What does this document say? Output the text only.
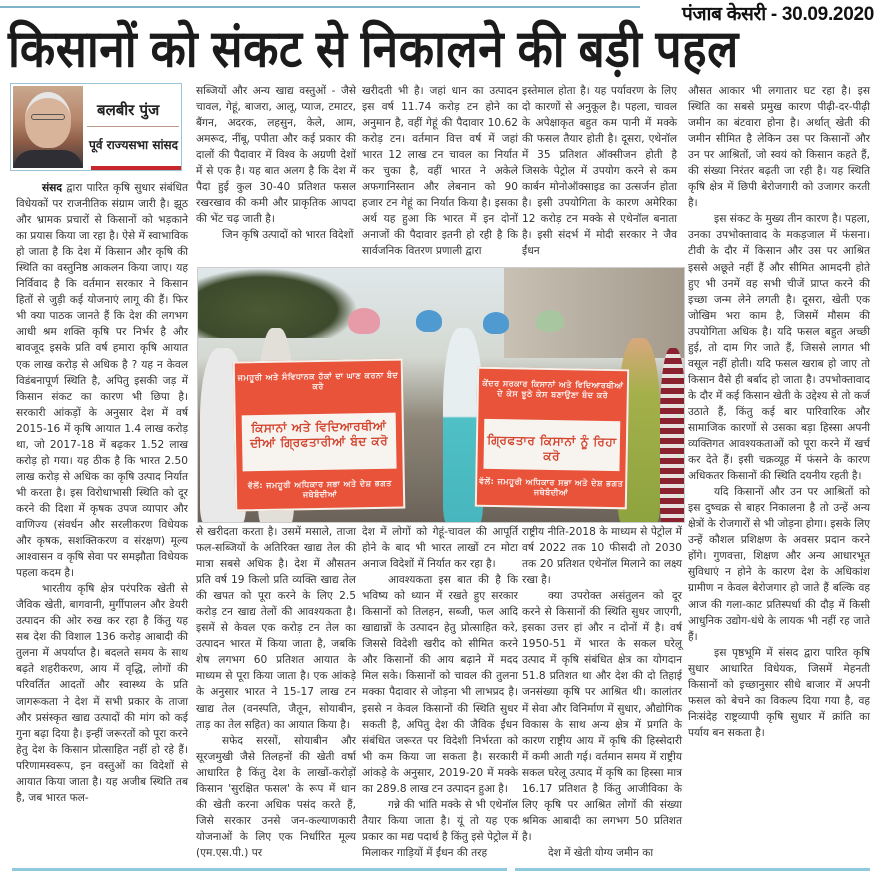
पंजाब केसरी - 30.09.2020
किसानों को संकट से निकालने की बड़ी पहल
बलबीर पुंज
पूर्व राज्यसभा सांसद

संसद द्वारा पारित कृषि सुधार संबंधित विधेयकों पर राजनीतिक संग्राम जारी है। झूठ और भ्रामक प्रचारों से किसानों को भड़काने का प्रयास किया जा रहा है। ऐसे में स्वाभाविक हो जाता है कि देश में किसान और कृषि की स्थिति का वस्तुनिष्ठ आकलन किया जाए। यह निर्विवाद है कि वर्तमान सरकार ने किसान हितों से जुड़ी कई योजनाएं लागू की हैं। फिर भी क्या पाठक जानते हैं कि देश की लगभग आधी श्रम शक्ति कृषि पर निर्भर है और बावजूद इसके प्रति वर्ष हमारा कृषि आयात एक लाख करोड़ से अधिक है ? यह न केवल विडंबनापूर्ण स्थिति है, अपितु इसकी जड़ में किसान संकट का कारण भी छिपा है। सरकारी आंकड़ों के अनुसार देश में वर्ष 2015-16 में कृषि आयात 1.4 लाख करोड़ था, जो 2017-18 में बढ़कर 1.52 लाख करोड़ हो गया। यह ठीक है कि भारत 2.50 लाख करोड़ से अधिक का कृषि उत्पाद निर्यात भी करता है। इस विरोधाभासी स्थिति को दूर करने की दिशा में कृषक उपज व्यापार और वाणिज्य (संवर्धन और सरलीकरण विधेयक और कृषक, सशक्तिकरण व संरक्षण) मूल्य आश्वासन व कृषि सेवा पर समझौता विधेयक पहला कदम है।

भारतीय कृषि क्षेत्र परंपरिक खेती से जैविक खेती, बागवानी, मुर्गीपालन और डेयरी उत्पादन की ओर रुख कर रहा है किंतु यह सब देश की विशाल 136 करोड़ आबादी की तुलना में अपर्याप्त है। बदलते समय के साथ बढ़ते शहरीकरण, आय में वृद्धि, लोगों की परिवर्तित आदतों और स्वास्थ्य के प्रति जागरूकता ने देश में सभी प्रकार के ताजा और प्रसंस्कृत खाद्य उत्पादों की मांग को कई गुना बढ़ा दिया है। इन्हीं जरूरतों को पूरा करने हेतु देश के किसान प्रोत्साहित नहीं हो रहे हैं। परिणामस्वरूप, इन वस्तुओं का विदेशों से आयात किया जाता है। यह अजीब स्थिति तब है, जब भारत फल-

सब्जियों और अन्य खाद्य वस्तुओं - जैसे चावल, गेहूं, बाजरा, आलू, प्याज, टमाटर, बैंगन, अदरक, लहसुन, केले, आम, अमरूद, नींबू, पपीता और कई प्रकार की दालों की पैदावार में विश्व के अग्रणी देशों में से एक है। यह बात अलग है कि देश में पैदा हुई कुल 30-40 प्रतिशत फसल रखरखाव की कमी और प्राकृतिक आपदा की भेंट चढ़ जाती है।

जिन कृषि उत्पादों को भारत विदेशों

खरीदती भी है। जहां धान का उत्पादन इस वर्ष 11.74 करोड़ टन होने का अनुमान है, वहीं गेहूं की पैदावार 10.62 करोड़ टन। वर्तमान वित्त वर्ष में जहां भारत 12 लाख टन चावल का निर्यात कर चुका है, वहीं भारत ने अकेले अफगानिस्तान और लेबनान को 90 हजार टन गेहूं का निर्यात किया है। इसका अर्थ यह हुआ कि भारत में इन दोनों अनाजों की पैदावार इतनी हो रही है कि सार्वजनिक वितरण प्रणाली द्वारा

इस्तेमाल होता है। यह पर्यावरण के लिए दो कारणों से अनुकूल है। पहला, चावल के अपेक्षाकृत बहुत कम पानी में मक्के की फसल तैयार होती है। दूसरा, एथेनॉल में 35 प्रतिशत ऑक्सीजन होती है जिसके पेट्रोल में उपयोग करने से कम कार्बन मोनोऑक्साइड का उत्सर्जन होता है। इसी उपयोगिता के कारण अमेरिका 12 करोड़ टन मक्के से एथेनॉल बनाता है। इसी संदर्भ में मोदी सरकार ने जैव ईंधन

औसत आकार भी लगातार घट रहा है। इस स्थिति का सबसे प्रमुख कारण पीढ़ी-दर-पीढ़ी जमीन का बंटवारा होना है। अर्थात् खेती की जमीन सीमित है लेकिन उस पर किसानों और उन पर आश्रितों, जो स्वयं को किसान कहते हैं, की संख्या निरंतर बढ़ती जा रही है। यह स्थिति कृषि क्षेत्र में छिपी बेरोजगारी को उजागर करती है।

इस संकट के मुख्य तीन कारण है। पहला, उनका उपभोक्तावाद के मकड़जाल में फंसना। टीवी के दौर में किसान और उस पर आश्रित इससे अछूते नहीं हैं और सीमित आमदनी होते हुए भी उनमें वह सभी चीजें प्राप्त करने की इच्छा जन्म लेने लगती है। दूसरा, खेती एक जोखिम भरा काम है, जिसमें मौसम की उपयोगिता अधिक है। यदि फसल बहुत अच्छी हुई, तो दाम गिर जाते हैं, जिससे लागत भी वसूल नहीं होती। यदि फसल खराब हो जाए तो किसान वैसे ही बर्बाद हो जाता है। उपभोक्तावाद के दौर में कई किसान खेती के उद्देश्य से तो कर्ज उठाते हैं, किंतु कई बार पारिवारिक और सामाजिक कारणों से उसका बड़ा हिस्सा अपनी व्यक्तिगत आवश्यकताओं को पूरा करने में खर्च कर देते हैं। इसी चक्रव्यूह में फंसने के कारण अधिकतर किसानों की स्थिति दयनीय रहती है।

यदि किसानों और उन पर आश्रितों को इस दुष्चक्र से बाहर निकालना है तो उन्हें अन्य क्षेत्रों के रोजगारों से भी जोड़ना होगा। इसके लिए उन्हें कौशल प्रशिक्षण के अवसर प्रदान करने होंगे। गुणवत्ता, शिक्षण और अन्य आधारभूत सुविधाएं न होने के कारण देश के अधिकांश ग्रामीण न केवल बेरोजगार हो जाते हैं बल्कि वह आज की गला-काट प्रतिस्पर्धा की दौड़ में किसी आधुनिक उद्योग-धंधे के लायक भी नहीं रह जाते हैं।

इस पृष्ठभूमि में संसद द्वारा पारित कृषि सुधार आधारित विधेयक, जिसमें मेहनती किसानों को इच्छानुसार सीधे बाजार में अपनी फसल को बेचने का विकल्प दिया गया है, वह निःसंदेह राष्ट्रव्यापी कृषि सुधार में क्रांति का पर्याय बन सकता है।

ਜਮਹੂਰੀ ਅਤੇ ਸੰਵਿਧਾਨਕ ਹੱਕਾਂ ਦਾ ਘਾਣ ਕਰਨਾ ਬੰਦ ਕਰੋ
ਕਿਸਾਨਾਂ ਅਤੇ ਵਿਦਿਆਰਥੀਆਂ ਦੀਆਂ ਗ੍ਰਿਫਤਾਰੀਆਂ ਬੰਦ ਕਰੋ
ਵੱਲੋਂ: ਜਮਹੂਰੀ ਅਧਿਕਾਰ ਸਭਾ ਅਤੇ ਦੇਸ਼ ਭਗਤ ਜਥੇਬੰਦੀਆਂ
ਕੇਂਦਰ ਸਰਕਾਰ ਕਿਸਾਨਾਂ ਅਤੇ ਵਿਦਿਆਰਥੀਆਂ ਦੇ ਕੇਸ ਝੂਠੇ ਕੇਸ ਬਣਾਉਣਾ ਬੰਦ ਕਰੋ
ਗ੍ਰਿਫਤਾਰ ਕਿਸਾਨਾਂ ਨੂੰ ਰਿਹਾ ਕਰੋ
ਵੱਲੋਂ: ਜਮਹੂਰੀ ਅਧਿਕਾਰ ਸਭਾ ਅਤੇ ਦੇਸ਼ ਭਗਤ ਜਥੇਬੰਦੀਆਂ

से खरीदता करता है। उसमें मसाले, ताजा फल-सब्जियों के अतिरिक्त खाद्य तेल की मात्रा सबसे अधिक है। देश में औसतन प्रति वर्ष 19 किलो प्रति व्यक्ति खाद्य तेल की खपत को पूरा करने के लिए 2.5 करोड़ टन खाद्य तेलों की आवश्यकता है। इसमें से केवल एक करोड़ टन तेल का उत्पादन भारत में किया जाता है, जबकि शेष लगभग 60 प्रतिशत आयात के माध्यम से पूरा किया जाता है। एक आंकड़े के अनुसार भारत ने 15-17 लाख टन खाद्य तेल (वनस्पति, जैतून, सोयाबीन, ताड़ का तेल सहित) का आयात किया है।

सफेद सरसों, सोयाबीन और सूरजमुखी जैसे तिलहनों की खेती वर्षा आधारित है किंतु देश के लाखों-करोड़ों किसान 'सुरक्षित फसल' के रूप में धान की खेती करना अधिक पसंद करते हैं, जिसे सरकार उनसे जन-कल्याणकारी योजनाओं के लिए एक निर्धारित मूल्य (एम.एस.पी.) पर

देश में लोगों को गेहूं-चावल की आपूर्ति होने के बाद भी भारत लाखों टन मोटा अनाज विदेशों में निर्यात कर रहा है।

आवश्यकता इस बात की है कि भविष्य को ध्यान में रखते हुए सरकार किसानों को तिलहन, सब्जी, फल आदि खाद्यान्नों के उत्पादन हेतु प्रोत्साहित करे, जिससे विदेशी खरीद को सीमित करने और किसानों की आय बढ़ाने में मदद मिल सके। किसानों को चावल की तुलना मक्का पैदावार से जोड़ना भी लाभप्रद है। इससे न केवल किसानों की स्थिति सुधर सकती है, अपितु देश की जैविक ईंधन संबंधित जरूरत पर विदेशी निर्भरता को भी कम किया जा सकता है। सरकारी आंकड़े के अनुसार, 2019-20 में मक्के का 289.8 लाख टन उत्पादन हुआ है।

गन्ने की भांति मक्के से भी एथेनॉल तैयार किया जाता है। यूं तो यह एक प्रकार का मद्य पदार्थ है किंतु इसे पेट्रोल में मिलाकर गाड़ियों में ईंधन की तरह

राष्ट्रीय नीति-2018 के माध्यम से पेट्रोल में वर्ष 2022 तक 10 फीसदी तो 2030 तक 20 प्रतिशत एथेनॉल मिलाने का लक्ष्य रखा है।

क्या उपरोक्त असंतुलन को दूर करने से किसानों की स्थिति सुधर जाएगी, इसका उत्तर हां और न दोनों में है। वर्ष 1950-51 में भारत के सकल घरेलू उत्पाद में कृषि संबंधित क्षेत्र का योगदान 51.8 प्रतिशत था और देश की दो तिहाई जनसंख्या कृषि पर आश्रित थी। कालांतर में सेवा और विनिर्माण में सुधार, औद्योगिक विकास के साथ अन्य क्षेत्र में प्रगति के कारण राष्ट्रीय आय में कृषि की हिस्सेदारी में कमी आती गई। वर्तमान समय में राष्ट्रीय सकल घरेलू उत्पाद में कृषि का हिस्सा मात्र 16.17 प्रतिशत है किंतु आजीविका के लिए कृषि पर आश्रित लोगों की संख्या श्रमिक आबादी का लगभग 50 प्रतिशत है।

देश में खेती योग्य जमीन का
